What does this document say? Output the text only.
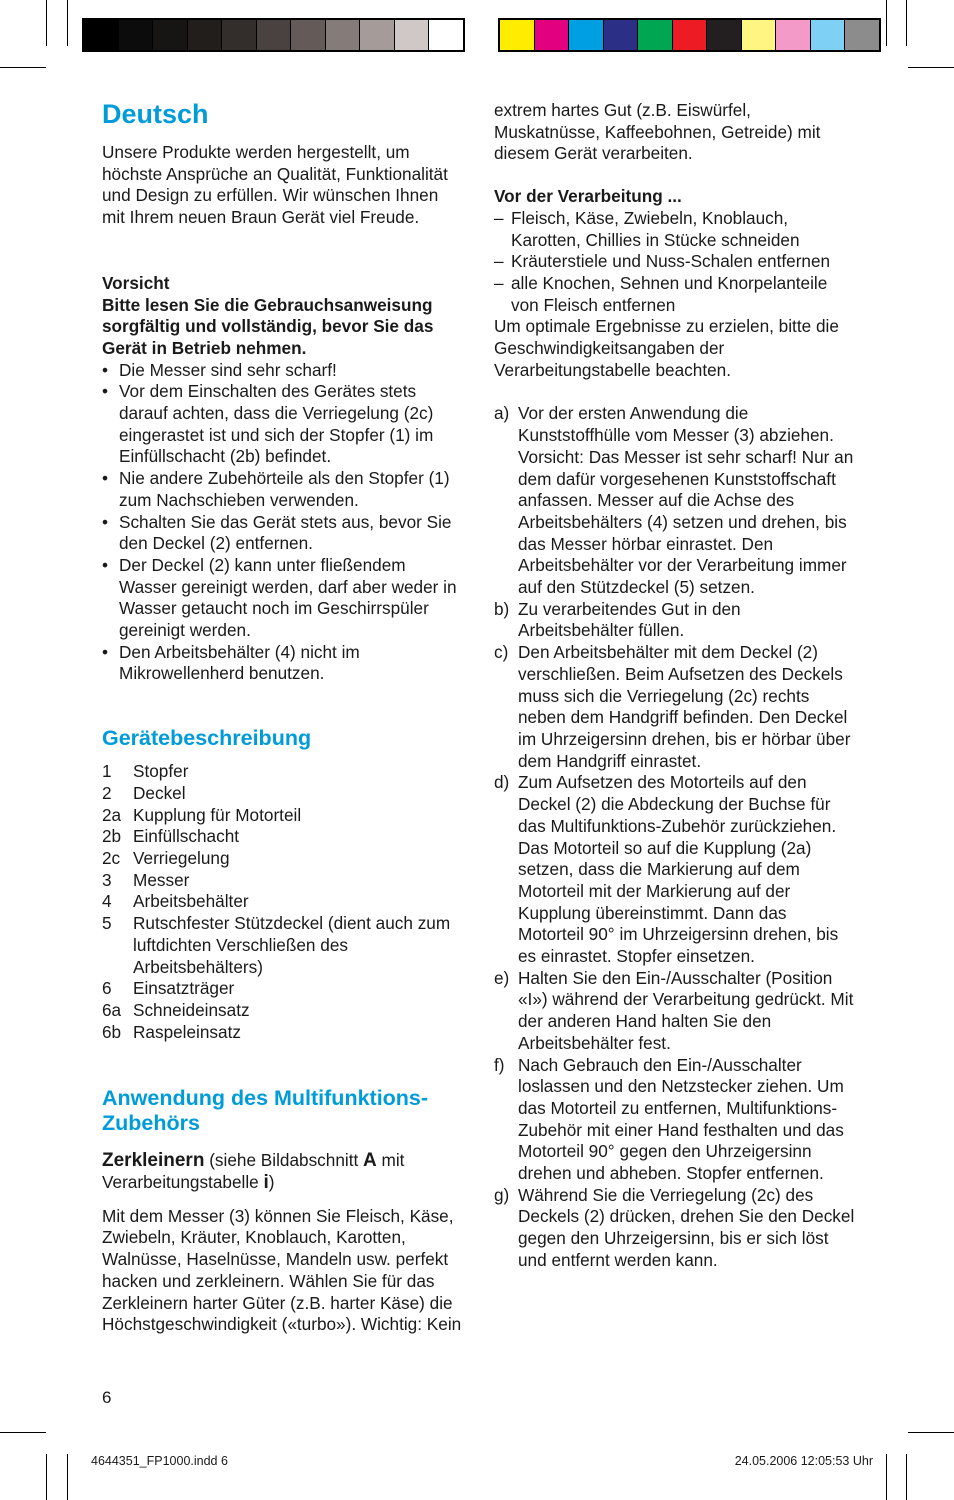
Deutsch

Unsere Produkte werden hergestellt, um höchste Ansprüche an Qualität, Funktionalität und Design zu erfüllen. Wir wünschen Ihnen mit Ihrem neuen Braun Gerät viel Freude.

Vorsicht

Bitte lesen Sie die Gebrauchsanweisung sorgfältig und vollständig, bevor Sie das Gerät in Betrieb nehmen.

• Die Messer sind sehr scharf!
• Vor dem Einschalten des Gerätes stets darauf achten, dass die Verriegelung (2c) eingerastet ist und sich der Stopfer (1) im Einfüllschacht (2b) befindet.
• Nie andere Zubehörteile als den Stopfer (1) zum Nachschieben verwenden.
• Schalten Sie das Gerät stets aus, bevor Sie den Deckel (2) entfernen.
• Der Deckel (2) kann unter fließendem Wasser gereinigt werden, darf aber weder in Wasser getaucht noch im Geschirrspüler gereinigt werden.
• Den Arbeitsbehälter (4) nicht im Mikrowellenherd benutzen.
Gerätebeschreibung
1	Stopfer
2	Deckel
2a Kupplung für Motorteil
2b Einfüllschacht
2c Verriegelung
3	Messer
4	Arbeitsbehälter
5	Rutschfester Stützdeckel (dient auch zum luftdichten Verschließen des Arbeitsbehälters)
6	Einsatzträger
6a Schneideinsatz
6b Raspeleinsatz
Anwendung des Multifunktions-Zubehörs

Zerkleinern (siehe Bildabschnitt A mit Verarbeitungstabelle i)

Mit dem Messer (3) können Sie Fleisch, Käse, Zwiebeln, Kräuter, Knoblauch, Karotten, Walnüsse, Haselnüsse, Mandeln usw. perfekt hacken und zerkleinern. Wählen Sie für das Zerkleinern harter Güter (z.B. harter Käse) die Höchstgeschwindigkeit («turbo»). Wichtig: Kein

extrem hartes Gut (z.B. Eiswürfel, Muskatnüsse, Kaffeebohnen, Getreide) mit diesem Gerät verarbeiten.

Vor der Verarbeitung ...

– Fleisch, Käse, Zwiebeln, Knoblauch, Karotten, Chillies in Stücke schneiden
– Kräuterstiele und Nuss-Schalen entfernen
– alle Knochen, Sehnen und Knorpelanteile von Fleisch entfernen

Um optimale Ergebnisse zu erzielen, bitte die Geschwindigkeitsangaben der Verarbeitungstabelle beachten.

a) Vor der ersten Anwendung die Kunststoffhülle vom Messer (3) abziehen. Vorsicht: Das Messer ist sehr scharf! Nur an dem dafür vorgesehenen Kunststoffschaft anfassen. Messer auf die Achse des Arbeitsbehälters (4) setzen und drehen, bis das Messer hörbar einrastet. Den Arbeitsbehälter vor der Verarbeitung immer auf den Stützdeckel (5) setzen.
b) Zu verarbeitendes Gut in den Arbeitsbehälter füllen.
c) Den Arbeitsbehälter mit dem Deckel (2) verschließen. Beim Aufsetzen des Deckels muss sich die Verriegelung (2c) rechts neben dem Handgriff befinden. Den Deckel im Uhrzeigersinn drehen, bis er hörbar über dem Handgriff einrastet.
d) Zum Aufsetzen des Motorteils auf den Deckel (2) die Abdeckung der Buchse für das Multifunktions-Zubehör zurückziehen. Das Motorteil so auf die Kupplung (2a) setzen, dass die Markierung auf dem Motorteil mit der Markierung auf der Kupplung übereinstimmt. Dann das Motorteil 90° im Uhrzeigersinn drehen, bis es einrastet. Stopfer einsetzen.
e) Halten Sie den Ein-/Ausschalter (Position «I») während der Verarbeitung gedrückt. Mit der anderen Hand halten Sie den Arbeitsbehälter fest.
f) Nach Gebrauch den Ein-/Ausschalter loslassen und den Netzstecker ziehen. Um das Motorteil zu entfernen, Multifunktions-Zubehör mit einer Hand festhalten und das Motorteil 90° gegen den Uhrzeigersinn drehen und abheben. Stopfer entfernen.
g) Während Sie die Verriegelung (2c) des Deckels (2) drücken, drehen Sie den Deckel gegen den Uhrzeigersinn, bis er sich löst und entfernt werden kann.
6
4644351_FP1000.indd 6	24.05.2006 12:05:53 Uhr
